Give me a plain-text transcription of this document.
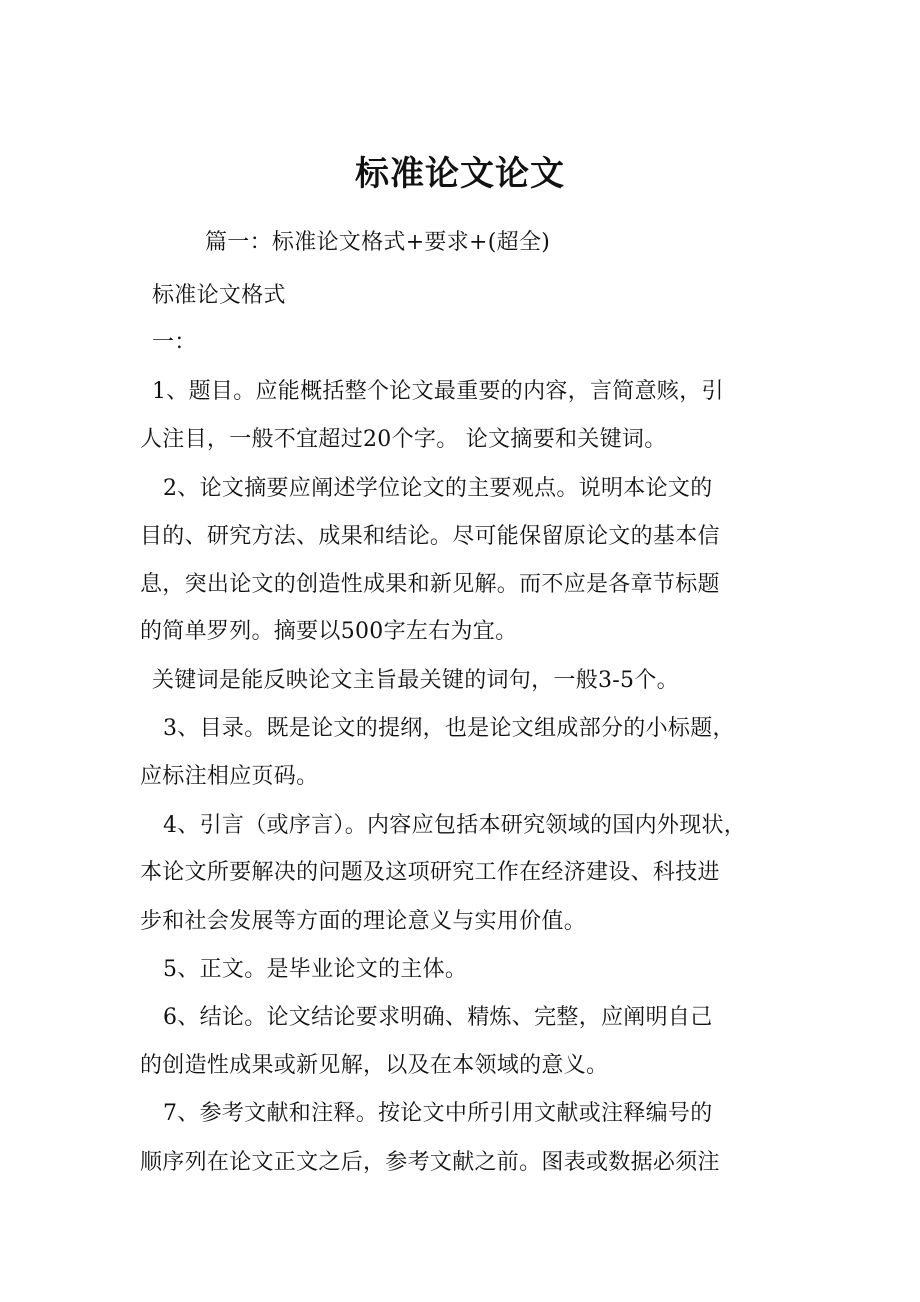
标准论文论文
篇一：标准论文格式+要求+(超全)
标准论文格式
一：
1、题目。应能概括整个论文最重要的内容，言简意赅，引
人注目，一般不宜超过20个字。 论文摘要和关键词。
2、论文摘要应阐述学位论文的主要观点。说明本论文的
目的、研究方法、成果和结论。尽可能保留原论文的基本信
息，突出论文的创造性成果和新见解。而不应是各章节标题
的简单罗列。摘要以500字左右为宜。
关键词是能反映论文主旨最关键的词句，一般3-5个。
3、目录。既是论文的提纲，也是论文组成部分的小标题，
应标注相应页码。
4、引言（或序言）。内容应包括本研究领域的国内外现状，
本论文所要解决的问题及这项研究工作在经济建设、科技进
步和社会发展等方面的理论意义与实用价值。
5、正文。是毕业论文的主体。
6、结论。论文结论要求明确、精炼、完整，应阐明自己
的创造性成果或新见解，以及在本领域的意义。
7、参考文献和注释。按论文中所引用文献或注释编号的
顺序列在论文正文之后，参考文献之前。图表或数据必须注
